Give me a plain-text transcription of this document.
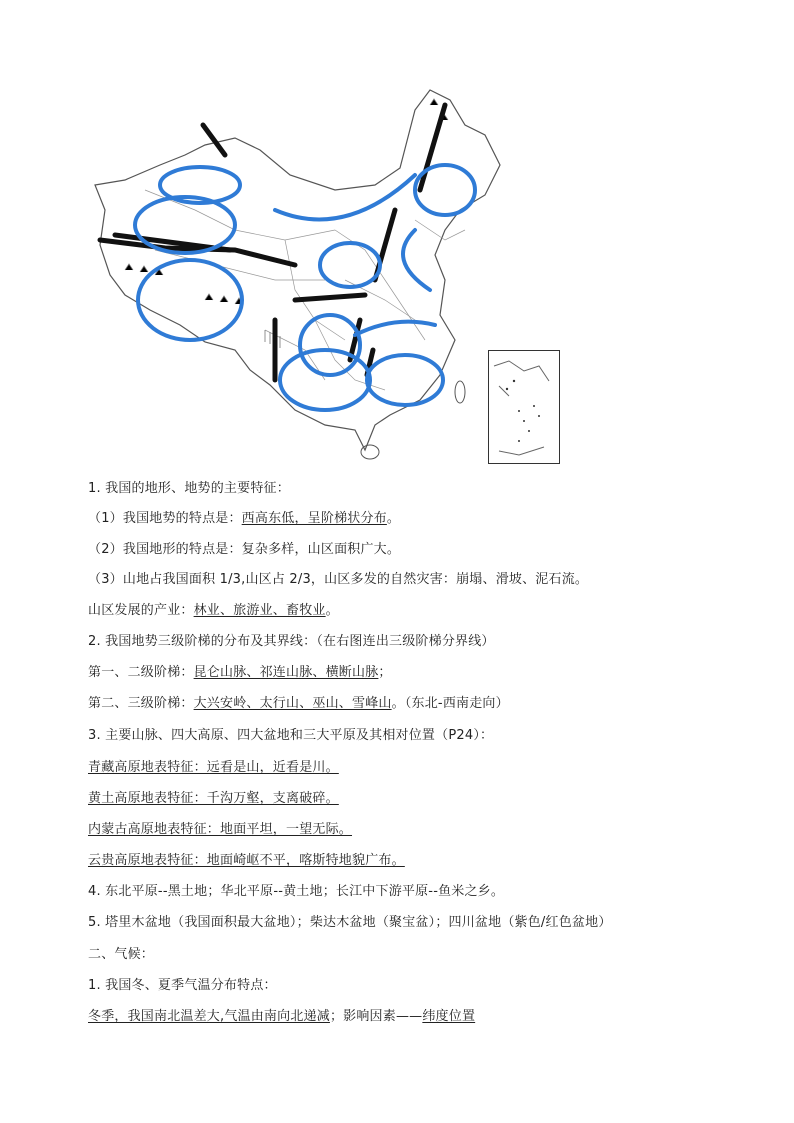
1. 我国的地形、地势的主要特征：
（1）我国地势的特点是：西高东低，呈阶梯状分布。
（2）我国地形的特点是：复杂多样，山区面积广大。
（3）山地占我国面积 1/3,山区占 2/3，山区多发的自然灾害：崩塌、滑坡、泥石流。
山区发展的产业：林业、旅游业、畜牧业。
2. 我国地势三级阶梯的分布及其界线：（在右图连出三级阶梯分界线）
第一、二级阶梯：昆仑山脉、祁连山脉、横断山脉；
第二、三级阶梯：大兴安岭、太行山、巫山、雪峰山。（东北-西南走向）
3. 主要山脉、四大高原、四大盆地和三大平原及其相对位置（P24）：
青藏高原地表特征：远看是山，近看是川。
黄土高原地表特征：千沟万壑，支离破碎。
内蒙古高原地表特征：地面平坦，一望无际。
云贵高原地表特征：地面崎岖不平，喀斯特地貌广布。
4. 东北平原--黑土地；华北平原--黄土地；长江中下游平原--鱼米之乡。
5. 塔里木盆地（我国面积最大盆地）；柴达木盆地（聚宝盆）；四川盆地（紫色/红色盆地）
二、气候：
1. 我国冬、夏季气温分布特点：
冬季，我国南北温差大,气温由南向北递减；影响因素——纬度位置
